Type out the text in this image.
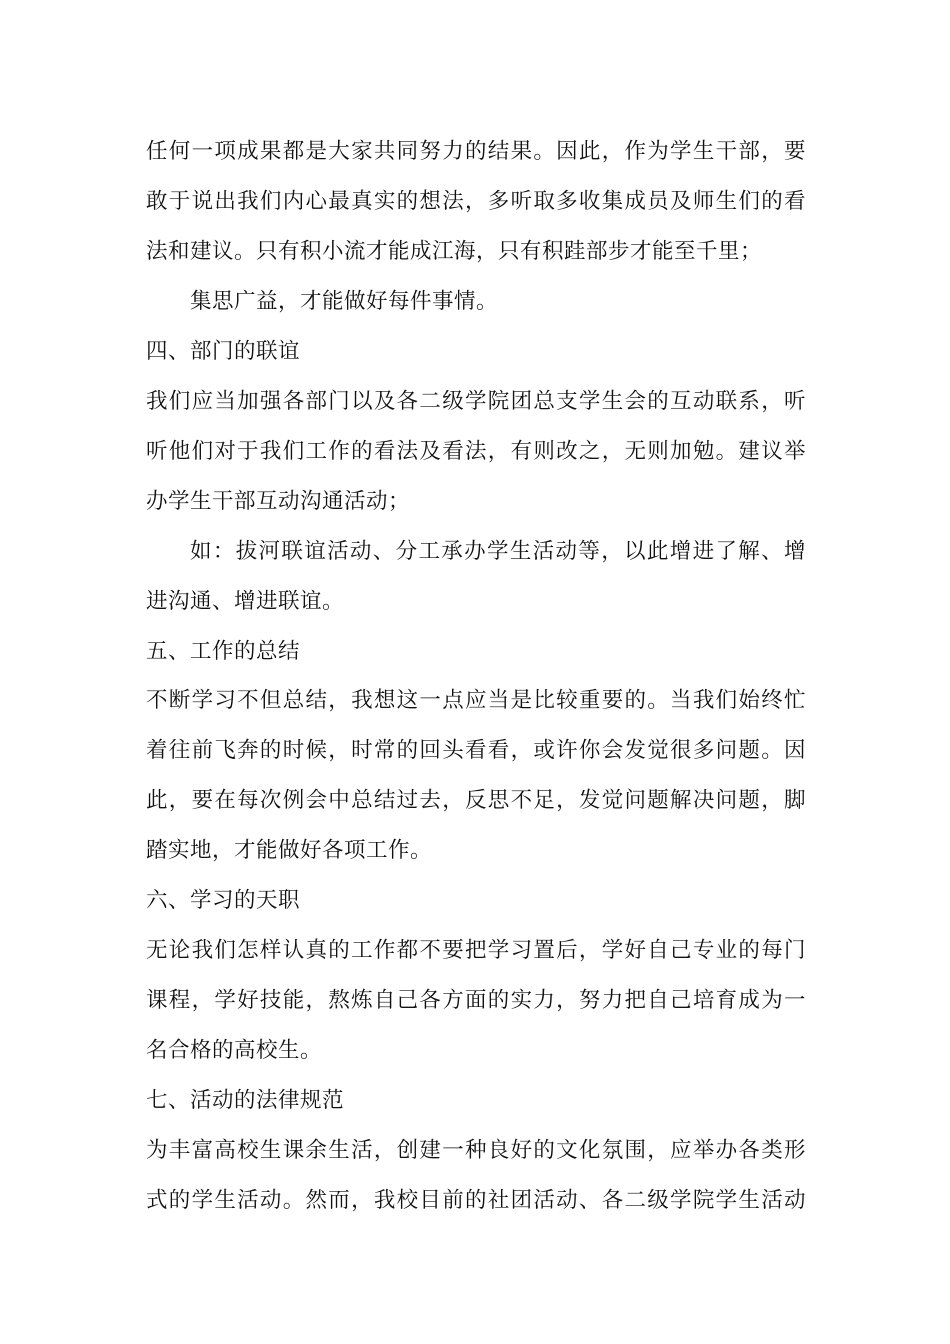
任何一项成果都是大家共同努力的结果。因此，作为学生干部，要
敢于说出我们内心最真实的想法，多听取多收集成员及师生们的看
法和建议。只有积小流才能成江海，只有积跬部步才能至千里；
集思广益，才能做好每件事情。
四、部门的联谊
我们应当加强各部门以及各二级学院团总支学生会的互动联系，听
听他们对于我们工作的看法及看法，有则改之，无则加勉。建议举
办学生干部互动沟通活动；
如：拔河联谊活动、分工承办学生活动等，以此增进了解、增
进沟通、增进联谊。
五、工作的总结
不断学习不但总结，我想这一点应当是比较重要的。当我们始终忙
着往前飞奔的时候，时常的回头看看，或许你会发觉很多问题。因
此，要在每次例会中总结过去，反思不足，发觉问题解决问题，脚
踏实地，才能做好各项工作。
六、学习的天职
无论我们怎样认真的工作都不要把学习置后，学好自己专业的每门
课程，学好技能，熬炼自己各方面的实力，努力把自己培育成为一
名合格的高校生。
七、活动的法律规范
为丰富高校生课余生活，创建一种良好的文化氛围，应举办各类形
式的学生活动。然而，我校目前的社团活动、各二级学院学生活动
